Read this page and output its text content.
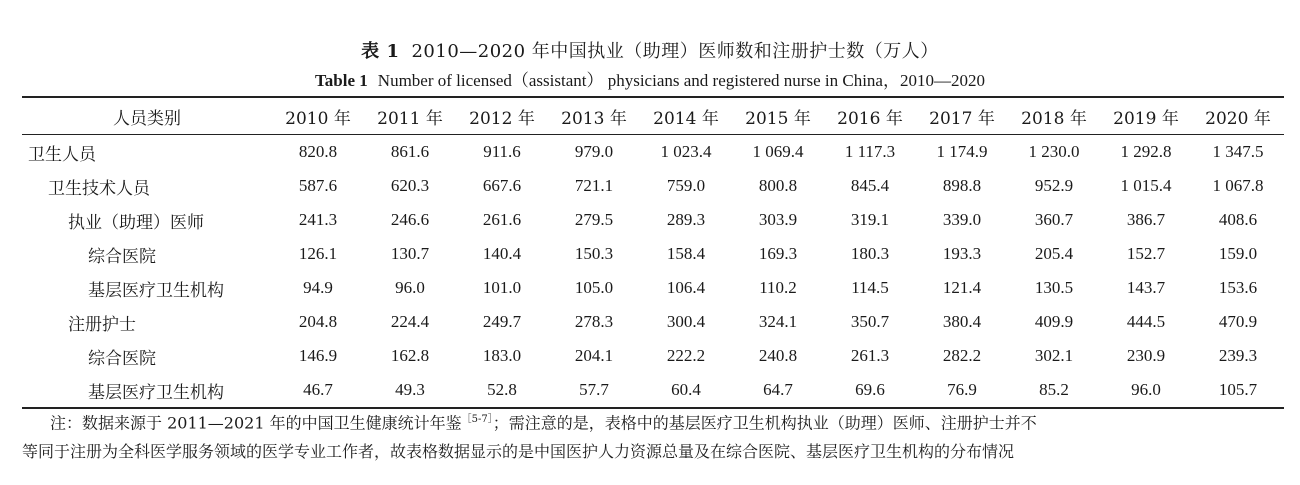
表 1 2010—2020 年中国执业（助理）医师数和注册护士数（万人）
Table 1 Number of licensed（assistant） physicians and registered nurse in China，2010—2020
人员类别	2010 年	2011 年	2012 年	2013 年	2014 年	2015 年	2016 年	2017 年	2018 年	2019 年	2020 年
卫生人员	820.8	861.6	911.6	979.0	1 023.4	1 069.4	1 117.3	1 174.9	1 230.0	1 292.8	1 347.5
卫生技术人员	587.6	620.3	667.6	721.1	759.0	800.8	845.4	898.8	952.9	1 015.4	1 067.8
执业（助理）医师	241.3	246.6	261.6	279.5	289.3	303.9	319.1	339.0	360.7	386.7	408.6
综合医院	126.1	130.7	140.4	150.3	158.4	169.3	180.3	193.3	205.4	152.7	159.0
基层医疗卫生机构	94.9	96.0	101.0	105.0	106.4	110.2	114.5	121.4	130.5	143.7	153.6
注册护士	204.8	224.4	249.7	278.3	300.4	324.1	350.7	380.4	409.9	444.5	470.9
综合医院	146.9	162.8	183.0	204.1	222.2	240.8	261.3	282.2	302.1	230.9	239.3
基层医疗卫生机构	46.7	49.3	52.8	57.7	60.4	64.7	69.6	76.9	85.2	96.0	105.7

注：数据来源于 2011—2021 年的中国卫生健康统计年鉴$^{[5-7]}$；需注意的是，表格中的基层医疗卫生机构执业（助理）医师、注册护士并不

等同于注册为全科医学服务领域的医学专业工作者，故表格数据显示的是中国医护人力资源总量及在综合医院、基层医疗卫生机构的分布情况
